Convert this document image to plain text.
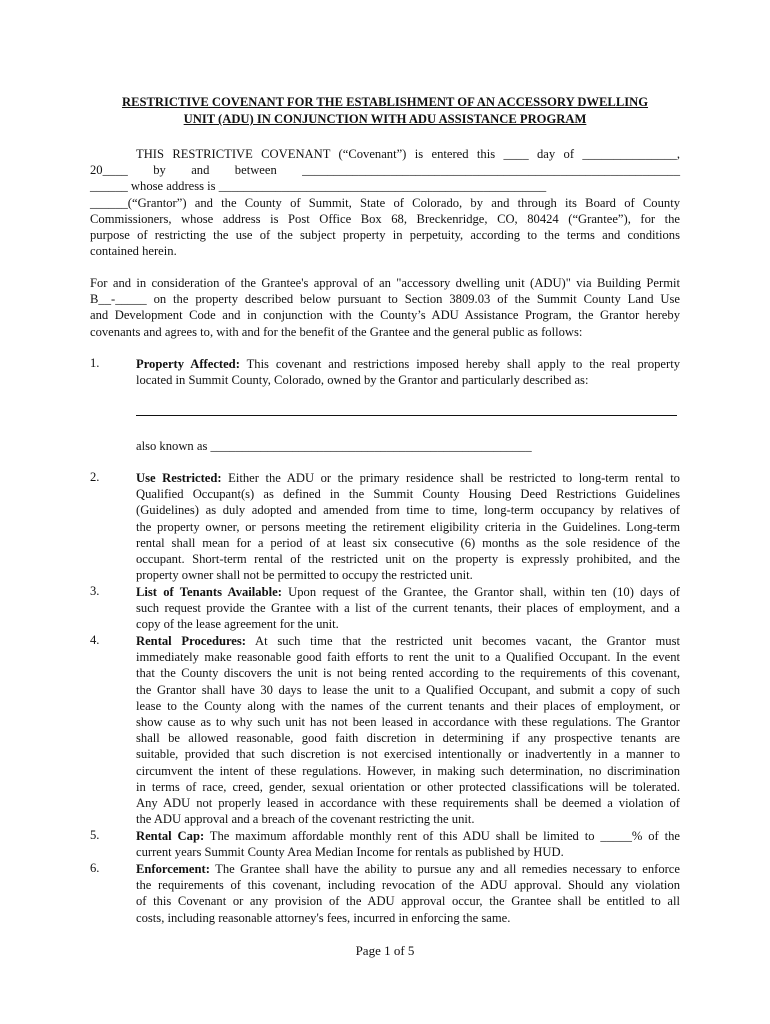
RESTRICTIVE COVENANT FOR THE ESTABLISHMENT OF AN ACCESSORY DWELLING
UNIT (ADU) IN CONJUNCTION WITH ADU ASSISTANCE PROGRAM
THIS RESTRICTIVE COVENANT (“Covenant”) is entered this ____ day of _______________,
20____ by and between ____________________________________________________________
______ whose address is ____________________________________________________
______(“Grantor”) and the County of Summit, State of Colorado, by and through its Board of County
Commissioners, whose address is Post Office Box 68, Breckenridge, CO, 80424 (“Grantee”), for the
purpose of restricting the use of the subject property in perpetuity, according to the terms and conditions
contained herein.
For and in consideration of the Grantee's approval of an "accessory dwelling unit (ADU)" via Building Permit
B__-_____ on the property described below pursuant to Section 3809.03 of the Summit County Land Use
and Development Code and in conjunction with the County’s ADU Assistance Program, the Grantor hereby
covenants and agrees to, with and for the benefit of the Grantee and the general public as follows:
1.	Property Affected: This covenant and restrictions imposed hereby shall apply to the real property
located in Summit County, Colorado, owned by the Grantor and particularly described as:
also known as ___________________________________________________
2.	Use Restricted: Either the ADU or the primary residence shall be restricted to long-term rental to
Qualified Occupant(s) as defined in the Summit County Housing Deed Restrictions Guidelines
(Guidelines) as duly adopted and amended from time to time, long-term occupancy by relatives of
the property owner, or persons meeting the retirement eligibility criteria in the Guidelines. Long-term
rental shall mean for a period of at least six consecutive (6) months as the sole residence of the
occupant. Short-term rental of the restricted unit on the property is expressly prohibited, and the
property owner shall not be permitted to occupy the restricted unit.
3.	List of Tenants Available: Upon request of the Grantee, the Grantor shall, within ten (10) days of
such request provide the Grantee with a list of the current tenants, their places of employment, and a
copy of the lease agreement for the unit.
4.	Rental Procedures: At such time that the restricted unit becomes vacant, the Grantor must
immediately make reasonable good faith efforts to rent the unit to a Qualified Occupant. In the event
that the County discovers the unit is not being rented according to the requirements of this covenant,
the Grantor shall have 30 days to lease the unit to a Qualified Occupant, and submit a copy of such
lease to the County along with the names of the current tenants and their places of employment, or
show cause as to why such unit has not been leased in accordance with these regulations. The Grantor
shall be allowed reasonable, good faith discretion in determining if any prospective tenants are
suitable, provided that such discretion is not exercised intentionally or inadvertently in a manner to
circumvent the intent of these regulations. However, in making such determination, no discrimination
in terms of race, creed, gender, sexual orientation or other protected classifications will be tolerated.
Any ADU not properly leased in accordance with these requirements shall be deemed a violation of
the ADU approval and a breach of the covenant restricting the unit.
5.	Rental Cap: The maximum affordable monthly rent of this ADU shall be limited to _____% of the
current years Summit County Area Median Income for rentals as published by HUD.
6.	Enforcement: The Grantee shall have the ability to pursue any and all remedies necessary to enforce
the requirements of this covenant, including revocation of the ADU approval. Should any violation
of this Covenant or any provision of the ADU approval occur, the Grantee shall be entitled to all
costs, including reasonable attorney's fees, incurred in enforcing the same.
Page 1 of 5
